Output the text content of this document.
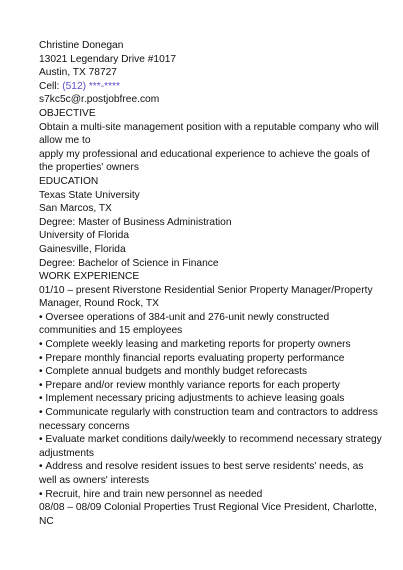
Christine Donegan

13021 Legendary Drive #1017

Austin, TX 78727

Cell: (512) ***-****

s7kc5c@r.postjobfree.com

OBJECTIVE

Obtain a multi-site management position with a reputable company who will allow me to

apply my professional and educational experience to achieve the goals of the properties' owners

EDUCATION

Texas State University

San Marcos, TX

Degree: Master of Business Administration

University of Florida

Gainesville, Florida

Degree: Bachelor of Science in Finance

WORK EXPERIENCE

01/10 – present Riverstone Residential Senior Property Manager/Property Manager, Round Rock, TX

• Oversee operations of 384-unit and 276-unit newly constructed communities and 15 employees

• Complete weekly leasing and marketing reports for property owners

• Prepare monthly financial reports evaluating property performance

• Complete annual budgets and monthly budget reforecasts

• Prepare and/or review monthly variance reports for each property

• Implement necessary pricing adjustments to achieve leasing goals

• Communicate regularly with construction team and contractors to address necessary concerns

• Evaluate market conditions daily/weekly to recommend necessary strategy adjustments

• Address and resolve resident issues to best serve residents' needs, as well as owners' interests

• Recruit, hire and train new personnel as needed

08/08 – 08/09 Colonial Properties Trust Regional Vice President, Charlotte, NC
